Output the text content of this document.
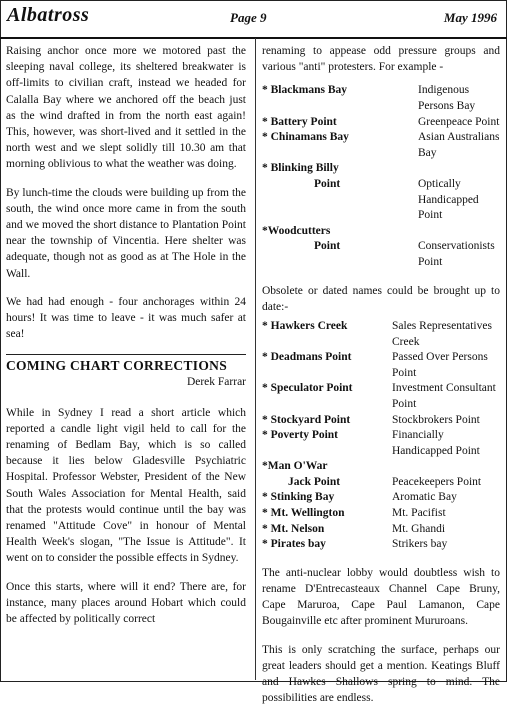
Albatross	Page 9	May 1996

Raising anchor once more we motored past the sleeping naval college, its sheltered breakwater is off-limits to civilian craft, instead we headed for Calalla Bay where we anchored off the beach just as the wind drafted in from the north east again! This, however, was short-lived and it settled in the north west and we slept solidly till 10.30 am that morning oblivious to what the weather was doing.

By lunch-time the clouds were building up from the south, the wind once more came in from the south and we moved the short distance to Plantation Point near the township of Vincentia. Here shelter was adequate, though not as good as at The Hole in the Wall.

We had had enough - four anchorages within 24 hours! It was time to leave - it was much safer at sea!

COMING CHART CORRECTIONS
Derek Farrar

While in Sydney I read a short article which reported a candle light vigil held to call for the renaming of Bedlam Bay, which is so called because it lies below Gladesville Psychiatric Hospital. Professor Webster, President of the New South Wales Association for Mental Health, said that the protests would continue until the bay was renamed "Attitude Cove" in honour of Mental Health Week's slogan, "The Issue is Attitude". It went on to consider the possible effects in Sydney.

Once this starts, where will it end? There are, for instance, many places around Hobart which could be affected by politically correct

renaming to appease odd pressure groups and various "anti" protesters. For example -

* Blackmans Bay	Indigenous Persons Bay
* Battery Point	Greenpeace Point
* Chinamans Bay	Asian Australians Bay
* Blinking Billy	
Point	Optically Handicapped Point
*Woodcutters	
Point	Conservationists Point

Obsolete or dated names could be brought up to date:-

* Hawkers Creek	Sales Representatives Creek
* Deadmans Point	Passed Over Persons Point
* Speculator Point	Investment Consultant Point
* Stockyard Point	Stockbrokers Point
* Poverty Point	Financially Handicapped Point
*Man O'War	
Jack Point	Peacekeepers Point
* Stinking Bay	Aromatic Bay
* Mt. Wellington	Mt. Pacifist
* Mt. Nelson	Mt. Ghandi
* Pirates bay	Strikers bay

The anti-nuclear lobby would doubtless wish to rename D'Entrecasteaux Channel Cape Bruny, Cape Maruroa, Cape Paul Lamanon, Cape Bougainville etc after prominent Mururoans.

This is only scratching the surface, perhaps our great leaders should get a mention. Keatings Bluff and Hawkes Shallows spring to mind. The possibilities are endless.
